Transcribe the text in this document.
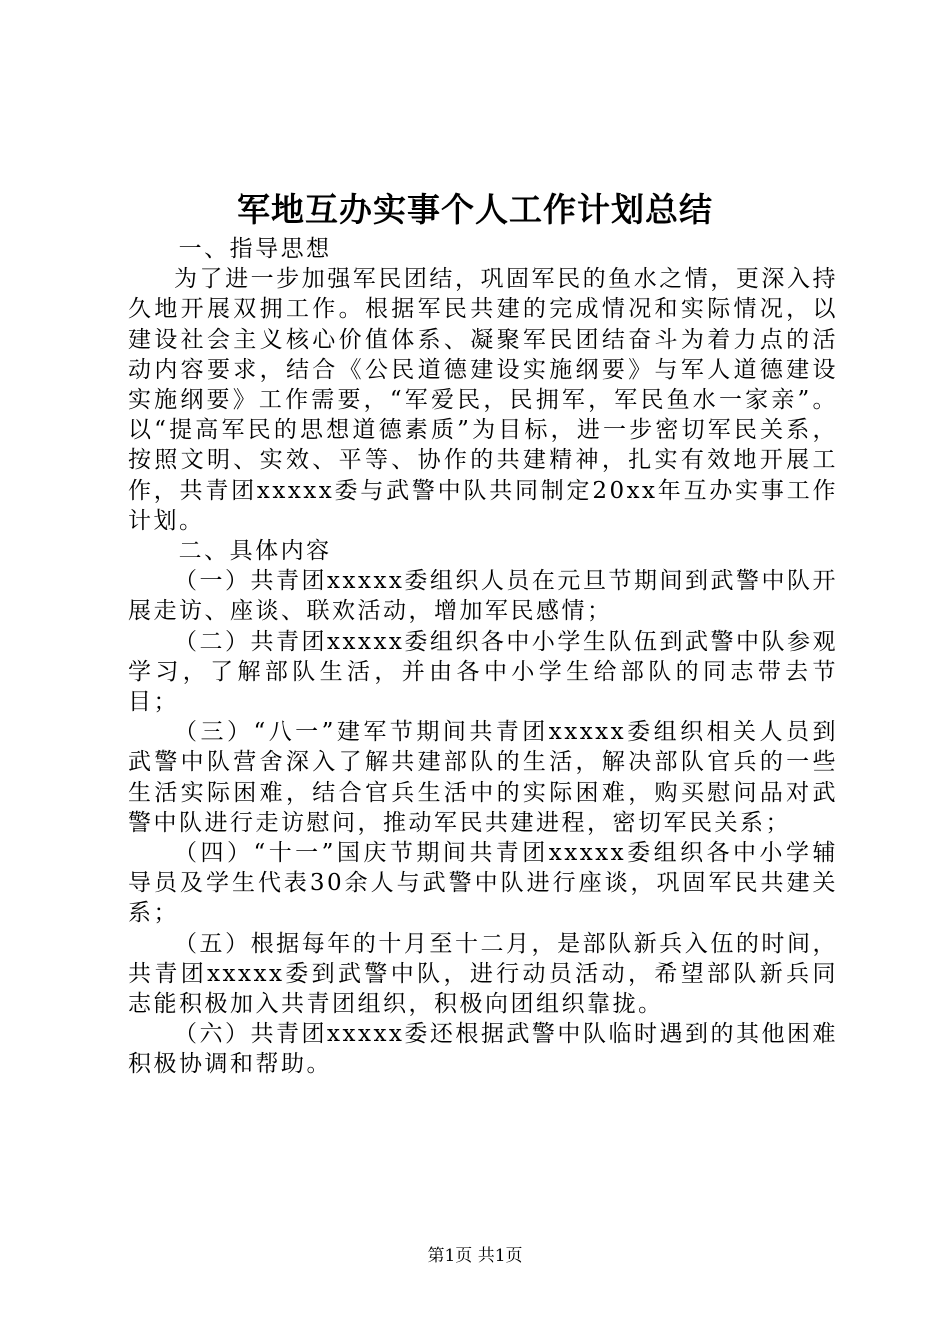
军地互办实事个人工作计划总结

一、指导思想

为了进一步加强军民团结，巩固军民的鱼水之情，更深入持久地开展双拥工作。根据军民共建的完成情况和实际情况，以建设社会主义核心价值体系、凝聚军民团结奋斗为着力点的活动内容要求，结合《公民道德建设实施纲要》与军人道德建设实施纲要》工作需要，“军爱民，民拥军，军民鱼水一家亲”。以“提高军民的思想道德素质”为目标，进一步密切军民关系，按照文明、实效、平等、协作的共建精神，扎实有效地开展工作，共青团xxxxx委与武警中队共同制定20xx年互办实事工作计划。

二、具体内容

（一）共青团xxxxx委组织人员在元旦节期间到武警中队开展走访、座谈、联欢活动，增加军民感情；

（二）共青团xxxxx委组织各中小学生队伍到武警中队参观学习，了解部队生活，并由各中小学生给部队的同志带去节目；

（三）“八一”建军节期间共青团xxxxx委组织相关人员到武警中队营舍深入了解共建部队的生活，解决部队官兵的一些生活实际困难，结合官兵生活中的实际困难，购买慰问品对武警中队进行走访慰问，推动军民共建进程，密切军民关系；

（四）“十一”国庆节期间共青团xxxxx委组织各中小学辅导员及学生代表30余人与武警中队进行座谈，巩固军民共建关系；

（五）根据每年的十月至十二月，是部队新兵入伍的时间，共青团xxxxx委到武警中队，进行动员活动，希望部队新兵同志能积极加入共青团组织，积极向团组织靠拢。

（六）共青团xxxxx委还根据武警中队临时遇到的其他困难积极协调和帮助。

第1页 共1页
